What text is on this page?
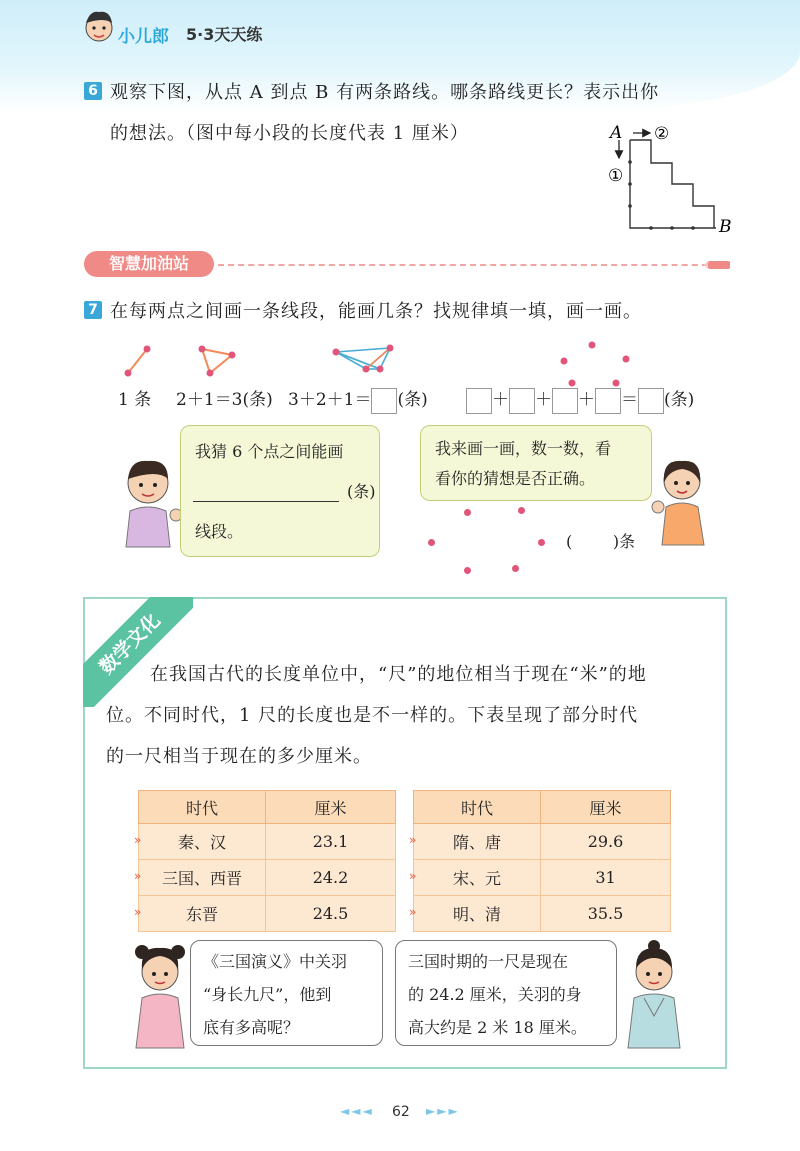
小儿郎 5·3天天练
6 观察下图，从点 A 到点 B 有两条路线。哪条路线更长？表示出你
的想法。（图中每小段的长度代表 1 厘米）	A ②
①
B
智慧加油站
7 在每两点之间画一条线段，能画几条？找规律填一填，画一画。
1 条 2＋1＝3(条) 3＋2＋1＝ (条)	＋ ＋ ＋ ＝ (条)
我猜 6 个点之间能画
(条)
线段。
我来画一画，数一数，看
看你的猜想是否正确。
(        )条
数学文化
在我国古代的长度单位中，“尺”的地位相当于现在“米”的地
位。不同时代，1 尺的长度也是不一样的。下表呈现了部分时代
的一尺相当于现在的多少厘米。
时代	厘米

» 秦、汉	23.1

» 三国、西晋	24.2

» 东晋	24.5
时代	厘米

» 隋、唐	29.6

» 宋、元	31

» 明、清	35.5
《三国演义》中关羽
“身长九尺”，他到
底有多高呢？
三国时期的一尺是现在
的 24.2 厘米，关羽的身
高大约是 2 米 18 厘米。
◄◄◄ 62 ►►►
